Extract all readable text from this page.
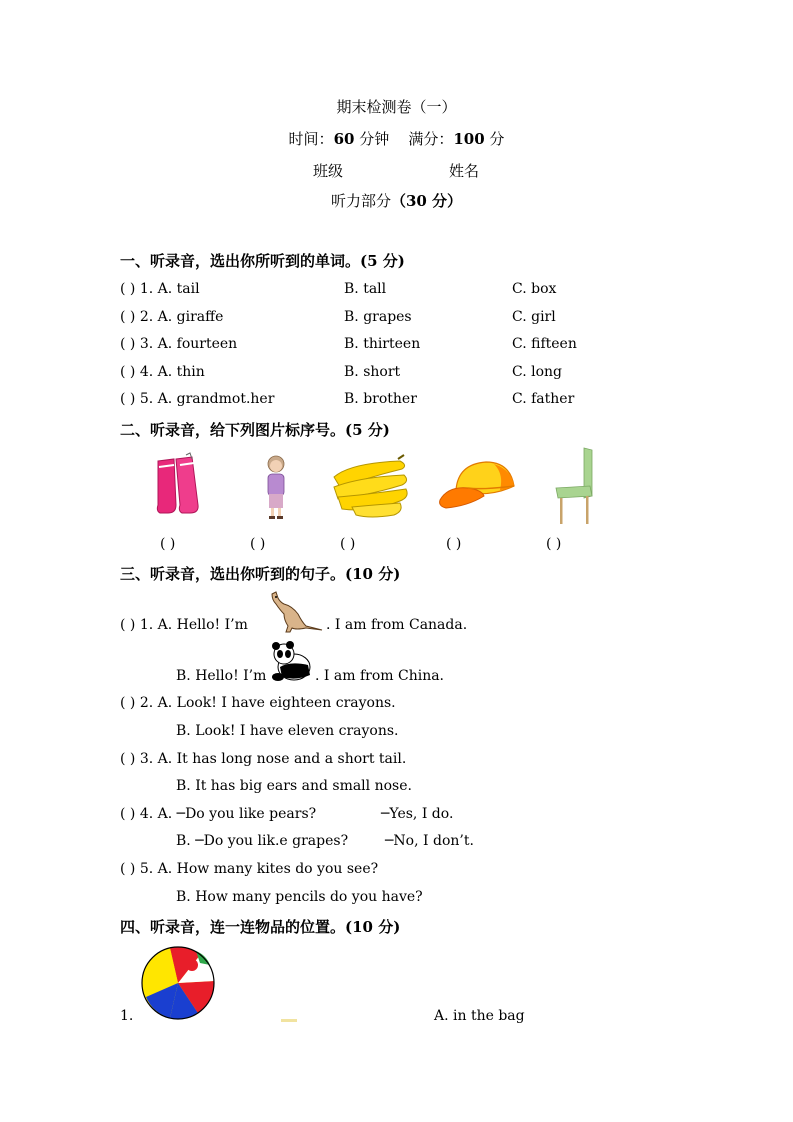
期末检测卷（一）
时间：60 分钟 满分：100 分
班级	姓名
听力部分（30 分）
一、听录音，选出你所听到的单词。(5 分)
( ) 1. A. tail	B. tall	C. box
( ) 2. A. giraffe	B. grapes	C. girl
( ) 3. A. fourteen	B. thirteen	C. fifteen
( ) 4. A. thin	B. short	C. long
( ) 5. A. grandmot.her	B. brother	C. father
二、听录音，给下列图片标序号。(5 分)
( )	( )	( )	( )	( )
三、听录音，选出你听到的句子。(10 分)
( ) 1. A. Hello! I’m	. I am from Canada.
B. Hello! I’m	. I am from China.
( ) 2. A. Look! I have eighteen crayons.
B. Look! I have eleven crayons.
( ) 3. A. It has long nose and a short tail.
B. It has big ears and small nose.
( ) 4. A. ─Do you like pears?	─Yes, I do.
B. ─Do you lik.e grapes?	─No, I don’t.
( ) 5. A. How many kites do you see?
B. How many pencils do you have?
四、听录音，连一连物品的位置。(10 分)
1.	A. in the bag
